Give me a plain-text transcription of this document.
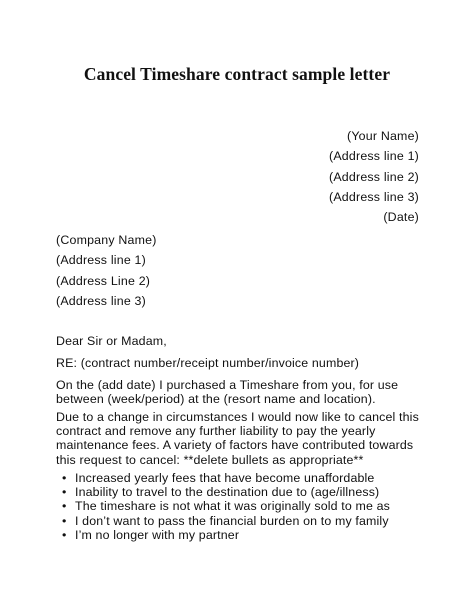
Cancel Timeshare contract sample letter
(Your Name)
(Address line 1)
(Address line 2)
(Address line 3)
(Date)
(Company Name)
(Address line 1)
(Address Line 2)
(Address line 3)
Dear Sir or Madam,
RE: (contract number/receipt number/invoice number)
On the (add date) I purchased a Timeshare from you, for use
between (week/period) at the (resort name and location).
Due to a change in circumstances I would now like to cancel this
contract and remove any further liability to pay the yearly
maintenance fees. A variety of factors have contributed towards
this request to cancel: **delete bullets as appropriate**
• Increased yearly fees that have become unaffordable
• Inability to travel to the destination due to (age/illness)
• The timeshare is not what it was originally sold to me as
• I don’t want to pass the financial burden on to my family
• I’m no longer with my partner
